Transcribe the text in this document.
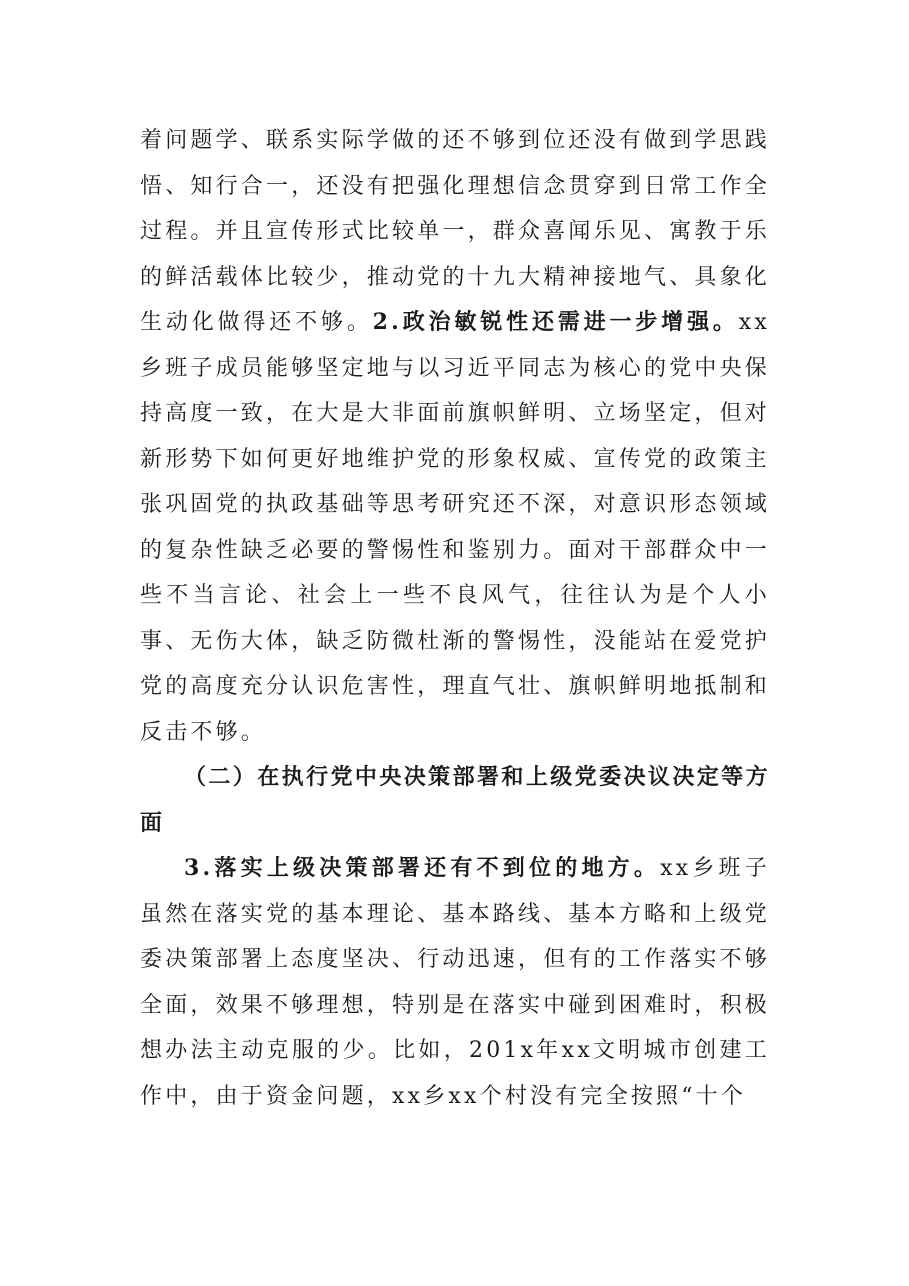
着问题学、联系实际学做的还不够到位还没有做到学思践悟、知行合一，还没有把强化理想信念贯穿到日常工作全过程。并且宣传形式比较单一，群众喜闻乐见、寓教于乐的鲜活载体比较少，推动党的十九大精神接地气、具象化生动化做得还不够。2.政治敏锐性还需进一步增强。xx乡班子成员能够坚定地与以习近平同志为核心的党中央保持高度一致，在大是大非面前旗帜鲜明、立场坚定，但对新形势下如何更好地维护党的形象权威、宣传党的政策主张巩固党的执政基础等思考研究还不深，对意识形态领域的复杂性缺乏必要的警惕性和鉴别力。面对干部群众中一些不当言论、社会上一些不良风气，往往认为是个人小事、无伤大体，缺乏防微杜渐的警惕性，没能站在爱党护党的高度充分认识危害性，理直气壮、旗帜鲜明地抵制和反击不够。

（二）在执行党中央决策部署和上级党委决议决定等方面

3.落实上级决策部署还有不到位的地方。xx乡班子虽然在落实党的基本理论、基本路线、基本方略和上级党委决策部署上态度坚决、行动迅速，但有的工作落实不够全面，效果不够理想，特别是在落实中碰到困难时，积极想办法主动克服的少。比如，201x年xx文明城市创建工作中，由于资金问题，xx乡xx个村没有完全按照“十个
